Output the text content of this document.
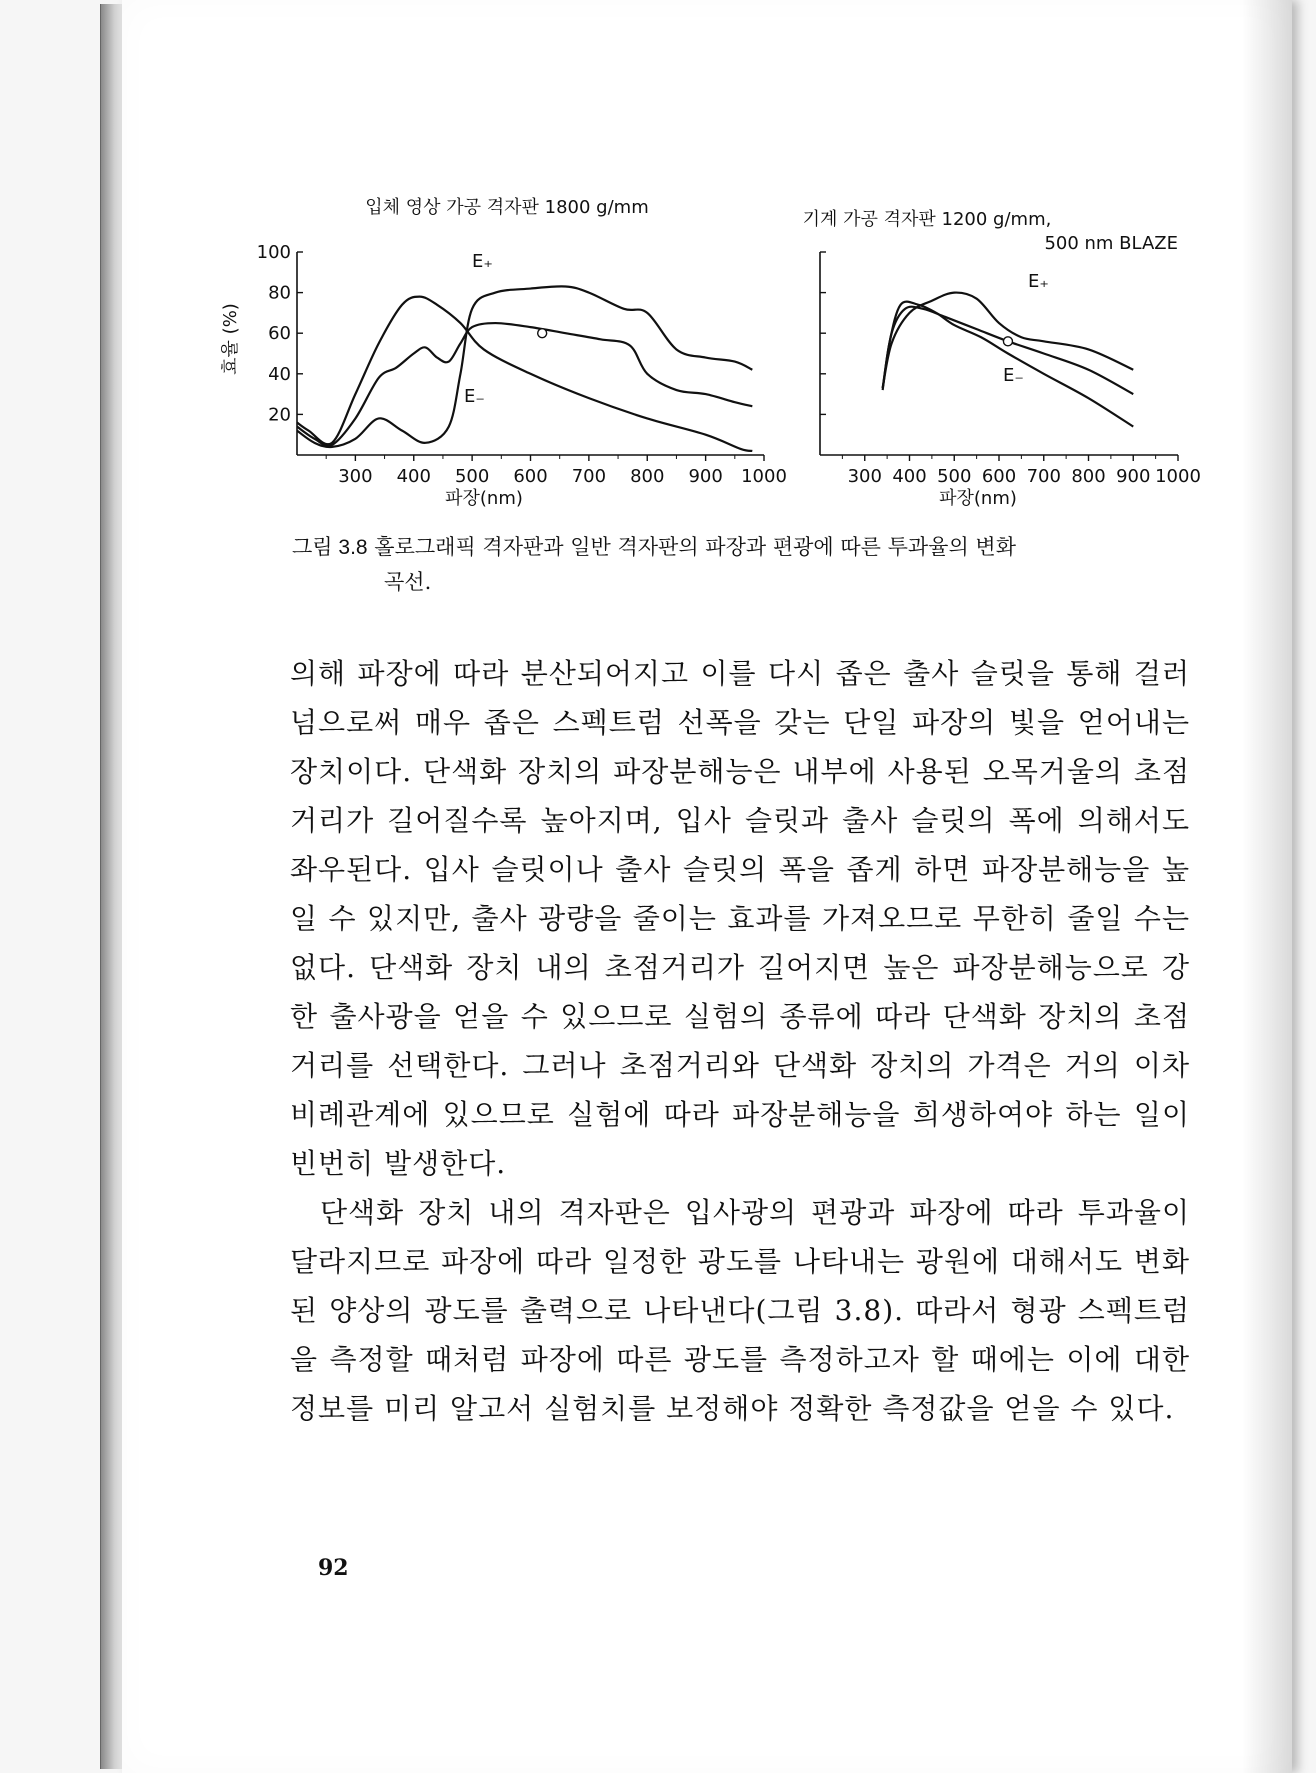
입체 영상 가공 격자판 1800 g/mm
효율 (%)
파장(nm)
300 400 500 600 700 800 900 1000
20
40
60
80
100	E₊
E₋
기계 가공 격자판 1200 g/mm,
500 nm BLAZE
파장(nm)
300 400 500 600 700 800 900 1000
E₊
E₋
그림 3.8 홀로그래픽 격자판과 일반 격자판의 파장과 편광에 따른 투과율의 변화
곡선.

의해 파장에 따라 분산되어지고 이를 다시 좁은 출사 슬릿을 통해 걸러넘으로써 매우 좁은 스펙트럼 선폭을 갖는 단일 파장의 빛을 얻어내는 장치이다. 단색화 장치의 파장분해능은 내부에 사용된 오목거울의 초점거리가 길어질수록 높아지며, 입사 슬릿과 출사 슬릿의 폭에 의해서도 좌우된다. 입사 슬릿이나 출사 슬릿의 폭을 좁게 하면 파장분해능을 높일 수 있지만, 출사 광량을 줄이는 효과를 가져오므로 무한히 줄일 수는 없다. 단색화 장치 내의 초점거리가 길어지면 높은 파장분해능으로 강한 출사광을 얻을 수 있으므로 실험의 종류에 따라 단색화 장치의 초점거리를 선택한다. 그러나 초점거리와 단색화 장치의 가격은 거의 이차 비례관계에 있으므로 실험에 따라 파장분해능을 희생하여야 하는 일이 빈번히 발생한다.

단색화 장치 내의 격자판은 입사광의 편광과 파장에 따라 투과율이 달라지므로 파장에 따라 일정한 광도를 나타내는 광원에 대해서도 변화된 양상의 광도를 출력으로 나타낸다(그림 3.8). 따라서 형광 스펙트럼을 측정할 때처럼 파장에 따른 광도를 측정하고자 할 때에는 이에 대한 정보를 미리 알고서 실험치를 보정해야 정확한 측정값을 얻을 수 있다.

92
